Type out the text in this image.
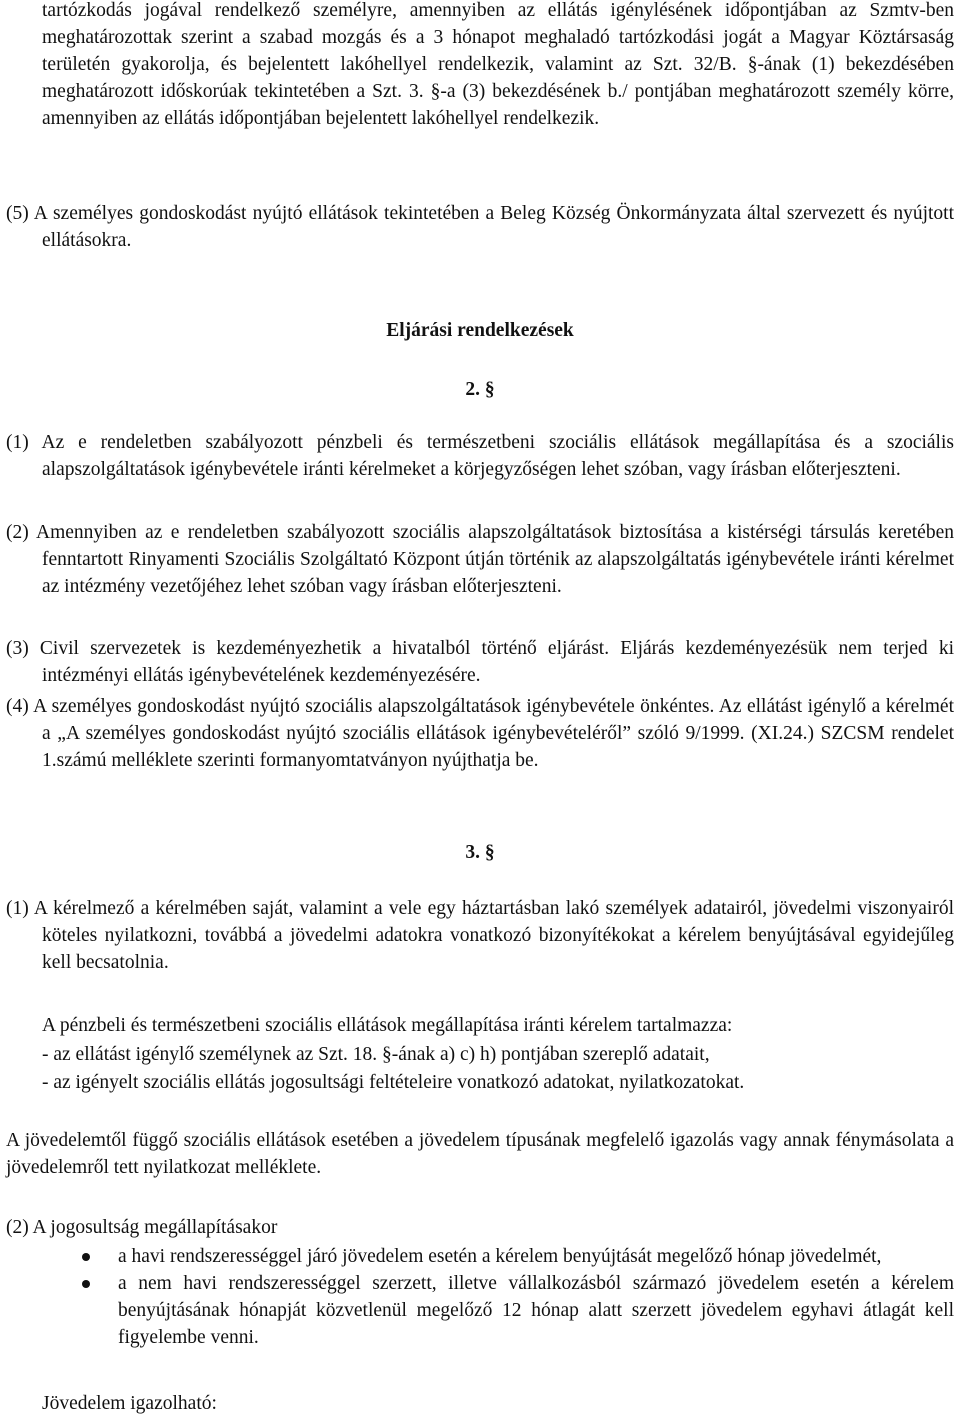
tartózkodás jogával rendelkező személyre, amennyiben az ellátás igénylésének időpontjában az Szmtv-ben meghatározottak szerint a szabad mozgás és a 3 hónapot meghaladó tartózkodási jogát a Magyar Köztársaság területén gyakorolja, és bejelentett lakóhellyel rendelkezik, valamint az Szt. 32/B. §-ának (1) bekezdésében meghatározott időskorúak tekintetében a Szt. 3. §-a (3) bekezdésének b./ pontjában meghatározott személy körre, amennyiben az ellátás időpontjában bejelentett lakóhellyel rendelkezik.

(5) A személyes gondoskodást nyújtó ellátások tekintetében a Beleg Község Önkormányzata által szervezett és nyújtott ellátásokra.

Eljárási rendelkezések
2. §

(1) Az e rendeletben szabályozott pénzbeli és természetbeni szociális ellátások megállapítása és a szociális alapszolgáltatások igénybevétele iránti kérelmeket a körjegyzőségen lehet szóban, vagy írásban előterjeszteni.

(2) Amennyiben az e rendeletben szabályozott szociális alapszolgáltatások biztosítása a kistérségi társulás keretében fenntartott Rinyamenti Szociális Szolgáltató Központ útján történik az alapszolgáltatás igénybevétele iránti kérelmet az intézmény vezetőjéhez lehet szóban vagy írásban előterjeszteni.

(3) Civil szervezetek is kezdeményezhetik a hivatalból történő eljárást. Eljárás kezdeményezésük nem terjed ki intézményi ellátás igénybevételének kezdeményezésére.

(4) A személyes gondoskodást nyújtó szociális alapszolgáltatások igénybevétele önkéntes. Az ellátást igénylő a kérelmét a „A személyes gondoskodást nyújtó szociális ellátások igénybevételéről” szóló 9/1999. (XI.24.) SZCSM rendelet 1.számú melléklete szerinti formanyomtatványon nyújthatja be.

3. §

(1) A kérelmező a kérelmében saját, valamint a vele egy háztartásban lakó személyek adatairól, jövedelmi viszonyairól köteles nyilatkozni, továbbá a jövedelmi adatokra vonatkozó bizonyítékokat a kérelem benyújtásával egyidejűleg kell becsatolnia.

A pénzbeli és természetbeni szociális ellátások megállapítása iránti kérelem tartalmazza:

- az ellátást igénylő személynek az Szt. 18. §-ának a) c) h) pontjában szereplő adatait,

- az igényelt szociális ellátás jogosultsági feltételeire vonatkozó adatokat, nyilatkozatokat.

A jövedelemtől függő szociális ellátások esetében a jövedelem típusának megfelelő igazolás vagy annak fénymásolata a jövedelemről tett nyilatkozat melléklete.

(2) A jogosultság megállapításakor

a havi rendszerességgel járó jövedelem esetén a kérelem benyújtását megelőző hónap jövedelmét,
a nem havi rendszerességgel szerzett, illetve vállalkozásból származó jövedelem esetén a kérelem benyújtásának hónapját közvetlenül megelőző 12 hónap alatt szerzett jövedelem egyhavi átlagát kell figyelembe venni.

Jövedelem igazolható:
